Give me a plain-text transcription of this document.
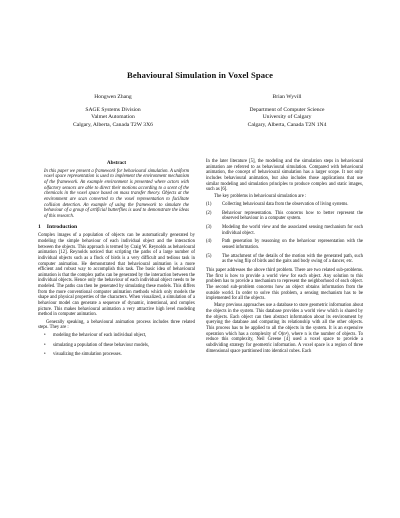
Behavioural Simulation in Voxel Space
Hongwen Zhang
SAGE Systems Division
Valmet Automation
Calgary, Alberta, Canada T2W 3X6
Brian Wyvill
Department of Computer Science
University of Calgary
Calgary, Alberta, Canada T2N 1N4
Abstract
In this paper we present a framework for behavioural simulation. A uniform voxel space representation is used to implement the environment mechanism of the framework. An example environment is presented where actors with olfactory sensors are able to direct their motions according to a scent of the chemicals in the voxel space based on mass transfer theory. Objects at the environment are scan converted to the voxel representation to facilitate collision detection. An example of using the framework to simulate the behaviour of a group of artificial butterflies is used to demonstrate the ideas of this research.
1 Introduction

Complex images of a population of objects can be automatically generated by modeling the simple behaviour of each individual object and the interaction between the objects. This approach is termed by Craig W. Reynolds as behavioural animation [12]. Reynolds noticed that scripting the paths of a large number of individual objects such as a flock of birds is a very difficult and tedious task in computer animation. He demonstrated that behavioural animation is a more efficient and robust way to accomplish this task. The basic idea of behavioural animation is that the complex paths can be generated by the interaction between the individual objects. Hence only the behaviour of each individual object needs to be modeled. The paths can then be generated by simulating these models. This differs from the more conventional computer animation methods which only models the shape and physical properties of the characters. When visualized, a simulation of a behaviour model can generate a sequence of dynamic, intentional, and complex picture. This makes behavioural animation a very attractive high level modeling method in computer animation.

Generally speaking, a behavioural animation process includes three related steps. They are :

• modeling the behaviour of each individual object,
• simulating a population of these behaviour models,
• visualizing the simulation processes.

In the later literature [5], the modeling and the simulation steps in behavioural animation are referred to as behavioural simulation. Compared with behavioural animation, the concept of behavioural simulation has a larger scope. It not only includes behavioural animation, but also includes those applications that use similar modeling and simulation principles to produce complex and static images, such as [6].

The key problems in behavioural simulation are :

(1)	Collecting behavioural data from the observation of living systems.
(2)	Behaviour representation. This concerns how to better represent the observed behaviour in a computer system.
(3)	Modeling the world view and the associated sensing mechanism for each individual object.
(4)	Path generation by reasoning on the behaviour representation with the sensed information.
(5)	The attachment of the details of the motion with the generated path, such as the wing flip of birds and the gaits and body swing of a dancer, etc.

This paper addresses the above third problem. There are two related sub-problems. The first is how to provide a world view for each object. Any solution to this problem has to provide a mechanism to represent the neighborhood of each object. The second sub-problem concerns how an object obtains information from the outside world. In order to solve this problem, a sensing mechanism has to be implemented for all the objects.

Many previous approaches use a database to store geometric information about the objects in the system. This database provides a world view which is shared by the objects. Each object can then abstract information about its environment by querying the database and computing its relationship with all the other objects. This process has to be applied to all the objects in the system. It is an expensive operation which has a complexity of O(n²), where n is the number of objects. To reduce this complexity, Neil Greene [4] used a voxel space to provide a subdividing strategy for geometric information. A voxel space is a region of three dimensional space partitioned into identical cubes. Each
